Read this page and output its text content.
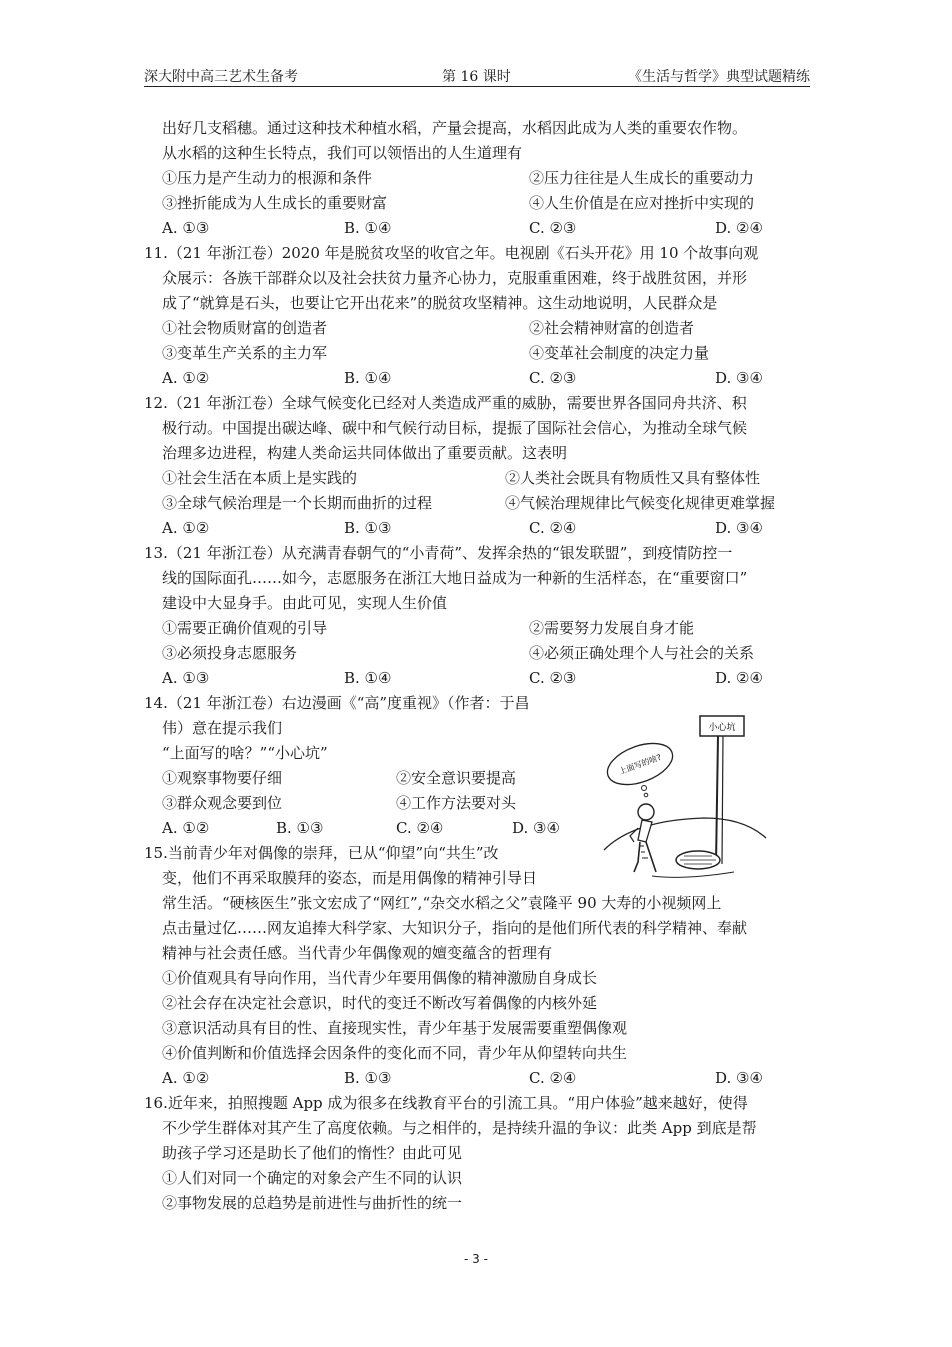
深大附中高三艺术生备考	第 16 课时	《生活与哲学》典型试题精练
出好几支稻穗。通过这种技术种植水稻，产量会提高，水稻因此成为人类的重要农作物。
从水稻的这种生长特点，我们可以领悟出的人生道理有
①压力是产生动力的根源和条件	②压力往往是人生成长的重要动力
③挫折能成为人生成长的重要财富	④人生价值是在应对挫折中实现的
A. ①③	B. ①④	C. ②③	D. ②④
11.（21 年浙江卷）2020 年是脱贫攻坚的收官之年。电视剧《石头开花》用 10 个故事向观
众展示：各族干部群众以及社会扶贫力量齐心协力，克服重重困难，终于战胜贫困，并形
成了“就算是石头，也要让它开出花来”的脱贫攻坚精神。这生动地说明，人民群众是
①社会物质财富的创造者	②社会精神财富的创造者
③变革生产关系的主力军	④变革社会制度的决定力量
A. ①②	B. ①④	C. ②③	D. ③④
12.（21 年浙江卷）全球气候变化已经对人类造成严重的威胁，需要世界各国同舟共济、积
极行动。中国提出碳达峰、碳中和气候行动目标，提振了国际社会信心，为推动全球气候
治理多边进程，构建人类命运共同体做出了重要贡献。这表明
①社会生活在本质上是实践的	②人类社会既具有物质性又具有整体性
③全球气候治理是一个长期而曲折的过程	④气候治理规律比气候变化规律更难掌握
A. ①②	B. ①③	C. ②④	D. ③④
13.（21 年浙江卷）从充满青春朝气的“小青荷”、发挥余热的“银发联盟”，到疫情防控一
线的国际面孔……如今，志愿服务在浙江大地日益成为一种新的生活样态，在“重要窗口”
建设中大显身手。由此可见，实现人生价值
①需要正确价值观的引导	②需要努力发展自身才能
③必须投身志愿服务	④必须正确处理个人与社会的关系
A. ①③	B. ①④	C. ②③	D. ②④
14.（21 年浙江卷）右边漫画《“高”度重视》（作者：于昌
伟）意在提示我们
“上面写的啥？”“小心坑”
①观察事物要仔细	②安全意识要提高
③群众观念要到位	④工作方法要对头
A. ①②	B. ①③	C. ②④	D. ③④
小心坑
上面写的啥?
15.当前青少年对偶像的崇拜，已从“仰望”向“共生”改
变，他们不再采取膜拜的姿态，而是用偶像的精神引导日
常生活。“硬核医生”张文宏成了“网红”,“杂交水稻之父”袁隆平 90 大寿的小视频网上
点击量过亿……网友追捧大科学家、大知识分子，指向的是他们所代表的科学精神、奉献
精神与社会责任感。当代青少年偶像观的嬗变蕴含的哲理有
①价值观具有导向作用，当代青少年要用偶像的精神激励自身成长
②社会存在决定社会意识，时代的变迁不断改写着偶像的内核外延
③意识活动具有目的性、直接现实性，青少年基于发展需要重塑偶像观
④价值判断和价值选择会因条件的变化而不同，青少年从仰望转向共生
A. ①②	B. ①③	C. ②④	D. ③④
16.近年来，拍照搜题 App 成为很多在线教育平台的引流工具。“用户体验”越来越好，使得
不少学生群体对其产生了高度依赖。与之相伴的，是持续升温的争议：此类 App 到底是帮
助孩子学习还是助长了他们的惰性？由此可见
①人们对同一个确定的对象会产生不同的认识
②事物发展的总趋势是前进性与曲折性的统一
- 3 -
